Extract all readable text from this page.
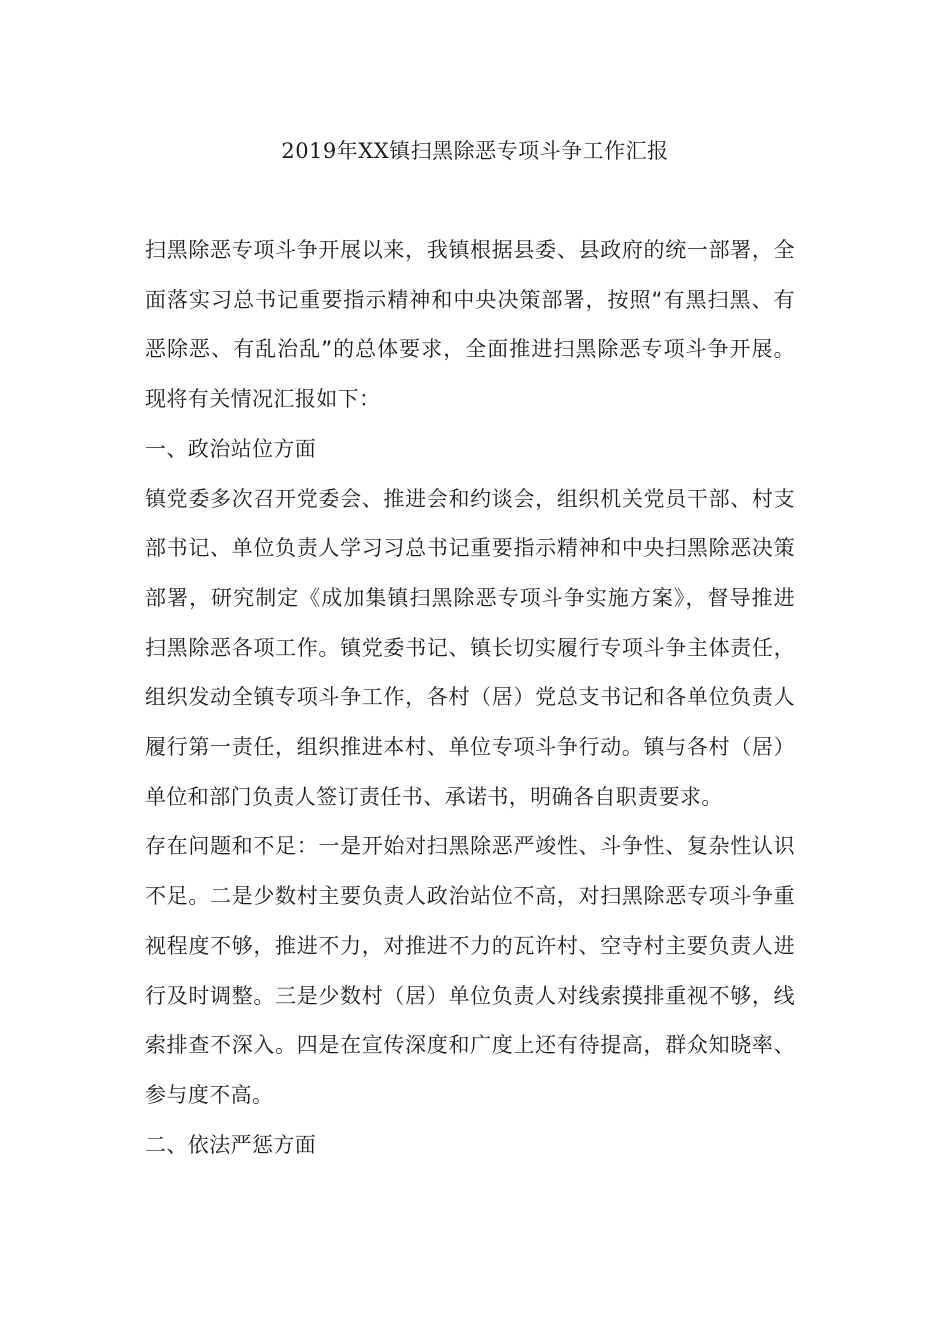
2019年XX镇扫黑除恶专项斗争工作汇报

扫黑除恶专项斗争开展以来，我镇根据县委、县政府的统一部署，全面落实习总书记重要指示精神和中央决策部署，按照“有黑扫黑、有恶除恶、有乱治乱”的总体要求，全面推进扫黑除恶专项斗争开展。现将有关情况汇报如下：

一、政治站位方面

镇党委多次召开党委会、推进会和约谈会，组织机关党员干部、村支部书记、单位负责人学习习总书记重要指示精神和中央扫黑除恶决策部署，研究制定《成加集镇扫黑除恶专项斗争实施方案》，督导推进扫黑除恶各项工作。镇党委书记、镇长切实履行专项斗争主体责任，组织发动全镇专项斗争工作，各村（居）党总支书记和各单位负责人履行第一责任，组织推进本村、单位专项斗争行动。镇与各村（居）单位和部门负责人签订责任书、承诺书，明确各自职责要求。

存在问题和不足：一是开始对扫黑除恶严竣性、斗争性、复杂性认识不足。二是少数村主要负责人政治站位不高，对扫黑除恶专项斗争重视程度不够，推进不力，对推进不力的瓦许村、空寺村主要负责人进行及时调整。三是少数村（居）单位负责人对线索摸排重视不够，线索排查不深入。四是在宣传深度和广度上还有待提高，群众知晓率、参与度不高。

二、依法严惩方面
